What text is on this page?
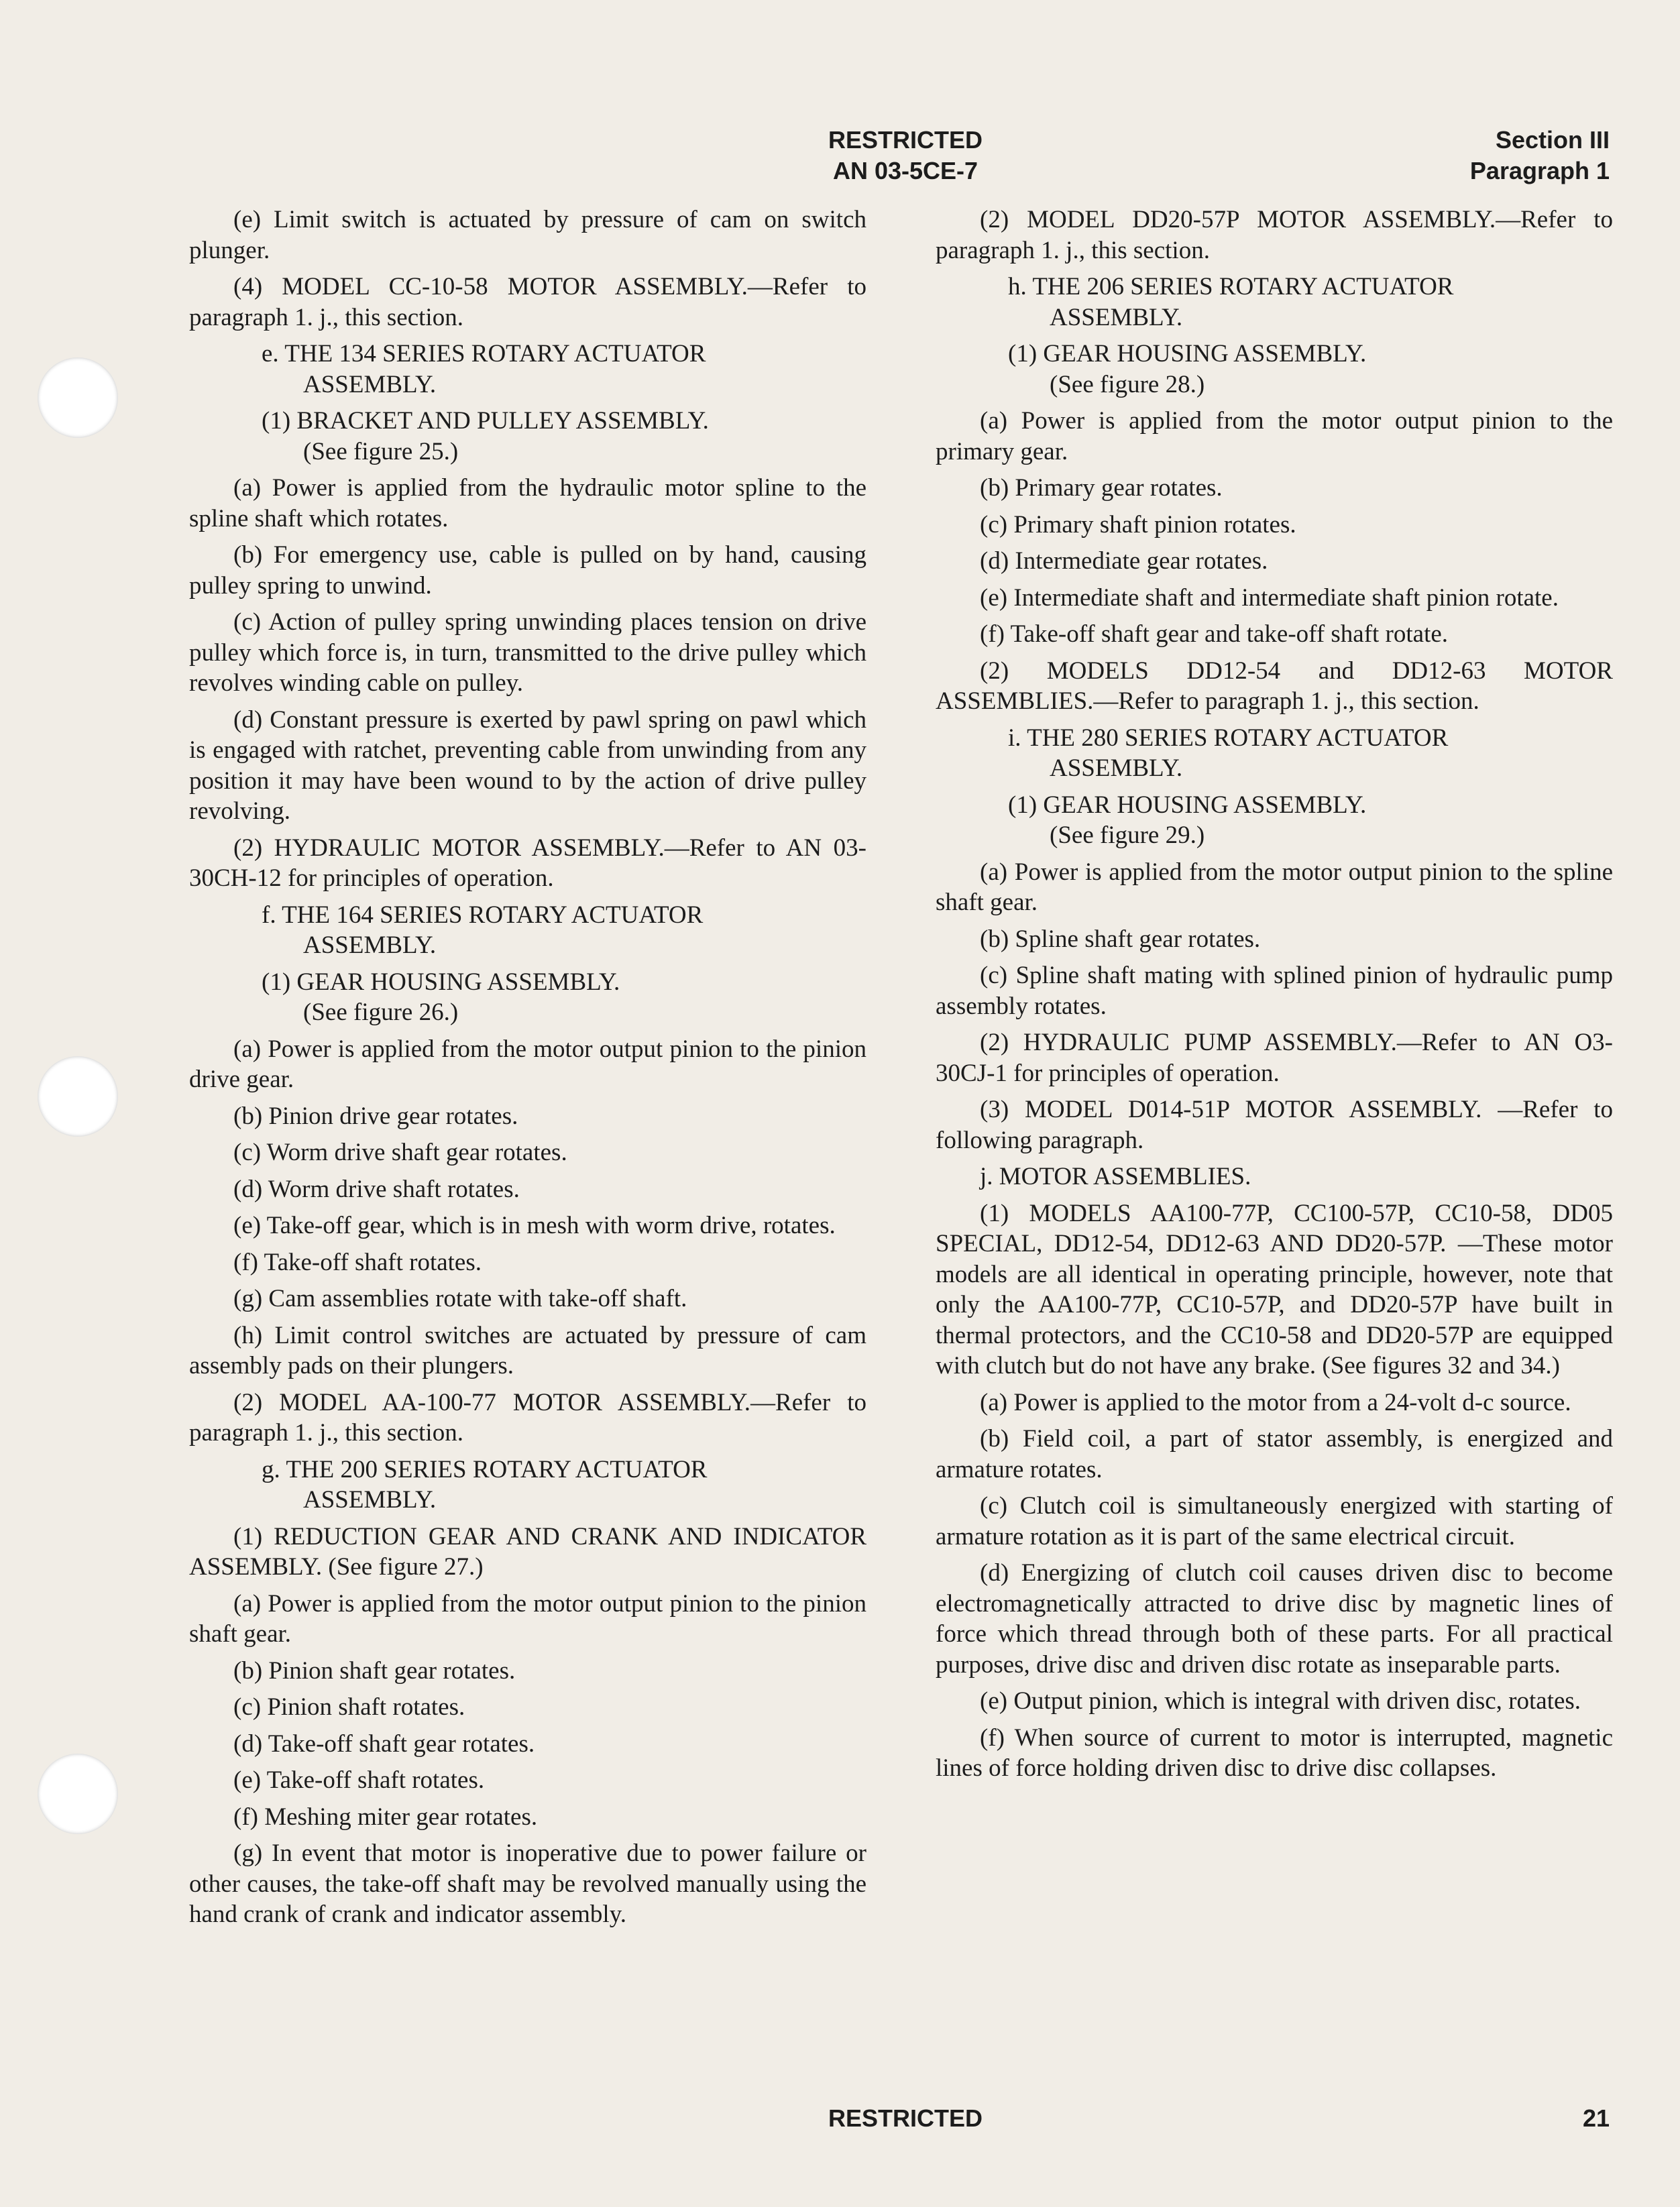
RESTRICTED
AN 03-5CE-7
Section III
Paragraph 1
(e) Limit switch is actuated by pressure of cam on switch plunger.
(4) MODEL CC-10-58 MOTOR ASSEMBLY.—Refer to paragraph 1. j., this section.
e. THE 134 SERIES ROTARY ACTUATOR
ASSEMBLY.
(1) BRACKET AND PULLEY ASSEMBLY.
(See figure 25.)
(a) Power is applied from the hydraulic motor spline to the spline shaft which rotates.
(b) For emergency use, cable is pulled on by hand, causing pulley spring to unwind.
(c) Action of pulley spring unwinding places tension on drive pulley which force is, in turn, transmitted to the drive pulley which revolves winding cable on pulley.
(d) Constant pressure is exerted by pawl spring on pawl which is engaged with ratchet, preventing cable from unwinding from any position it may have been wound to by the action of drive pulley revolving.
(2) HYDRAULIC MOTOR ASSEMBLY.—Refer to AN 03-30CH-12 for principles of operation.
f. THE 164 SERIES ROTARY ACTUATOR
ASSEMBLY.
(1) GEAR HOUSING ASSEMBLY.
(See figure 26.)
(a) Power is applied from the motor output pinion to the pinion drive gear.
(b) Pinion drive gear rotates.
(c) Worm drive shaft gear rotates.
(d) Worm drive shaft rotates.
(e) Take-off gear, which is in mesh with worm drive, rotates.
(f) Take-off shaft rotates.
(g) Cam assemblies rotate with take-off shaft.
(h) Limit control switches are actuated by pressure of cam assembly pads on their plungers.
(2) MODEL AA-100-77 MOTOR ASSEMBLY.—Refer to paragraph 1. j., this section.
g. THE 200 SERIES ROTARY ACTUATOR
ASSEMBLY.
(1) REDUCTION GEAR AND CRANK AND INDICATOR ASSEMBLY. (See figure 27.)
(a) Power is applied from the motor output pinion to the pinion shaft gear.
(b) Pinion shaft gear rotates.
(c) Pinion shaft rotates.
(d) Take-off shaft gear rotates.
(e) Take-off shaft rotates.
(f) Meshing miter gear rotates.
(g) In event that motor is inoperative due to power failure or other causes, the take-off shaft may be revolved manually using the hand crank of crank and indicator assembly.
(2) MODEL DD20-57P MOTOR ASSEMBLY.—Refer to paragraph 1. j., this section.
h. THE 206 SERIES ROTARY ACTUATOR
ASSEMBLY.
(1) GEAR HOUSING ASSEMBLY.
(See figure 28.)
(a) Power is applied from the motor output pinion to the primary gear.
(b) Primary gear rotates.
(c) Primary shaft pinion rotates.
(d) Intermediate gear rotates.
(e) Intermediate shaft and intermediate shaft pinion rotate.
(f) Take-off shaft gear and take-off shaft rotate.
(2) MODELS DD12-54 and DD12-63 MOTOR ASSEMBLIES.—Refer to paragraph 1. j., this section.
i. THE 280 SERIES ROTARY ACTUATOR
ASSEMBLY.
(1) GEAR HOUSING ASSEMBLY.
(See figure 29.)
(a) Power is applied from the motor output pinion to the spline shaft gear.
(b) Spline shaft gear rotates.
(c) Spline shaft mating with splined pinion of hydraulic pump assembly rotates.
(2) HYDRAULIC PUMP ASSEMBLY.—Refer to AN O3-30CJ-1 for principles of operation.
(3) MODEL D014-51P MOTOR ASSEMBLY. —Refer to following paragraph.
j. MOTOR ASSEMBLIES.
(1) MODELS AA100-77P, CC100-57P, CC10-58, DD05 SPECIAL, DD12-54, DD12-63 AND DD20-57P. —These motor models are all identical in operating principle, however, note that only the AA100-77P, CC10-57P, and DD20-57P have built in thermal protectors, and the CC10-58 and DD20-57P are equipped with clutch but do not have any brake. (See figures 32 and 34.)
(a) Power is applied to the motor from a 24-volt d-c source.
(b) Field coil, a part of stator assembly, is energized and armature rotates.
(c) Clutch coil is simultaneously energized with starting of armature rotation as it is part of the same electrical circuit.
(d) Energizing of clutch coil causes driven disc to become electromagnetically attracted to drive disc by magnetic lines of force which thread through both of these parts. For all practical purposes, drive disc and driven disc rotate as inseparable parts.
(e) Output pinion, which is integral with driven disc, rotates.
(f) When source of current to motor is interrupted, magnetic lines of force holding driven disc to drive disc collapses.
RESTRICTED	21
